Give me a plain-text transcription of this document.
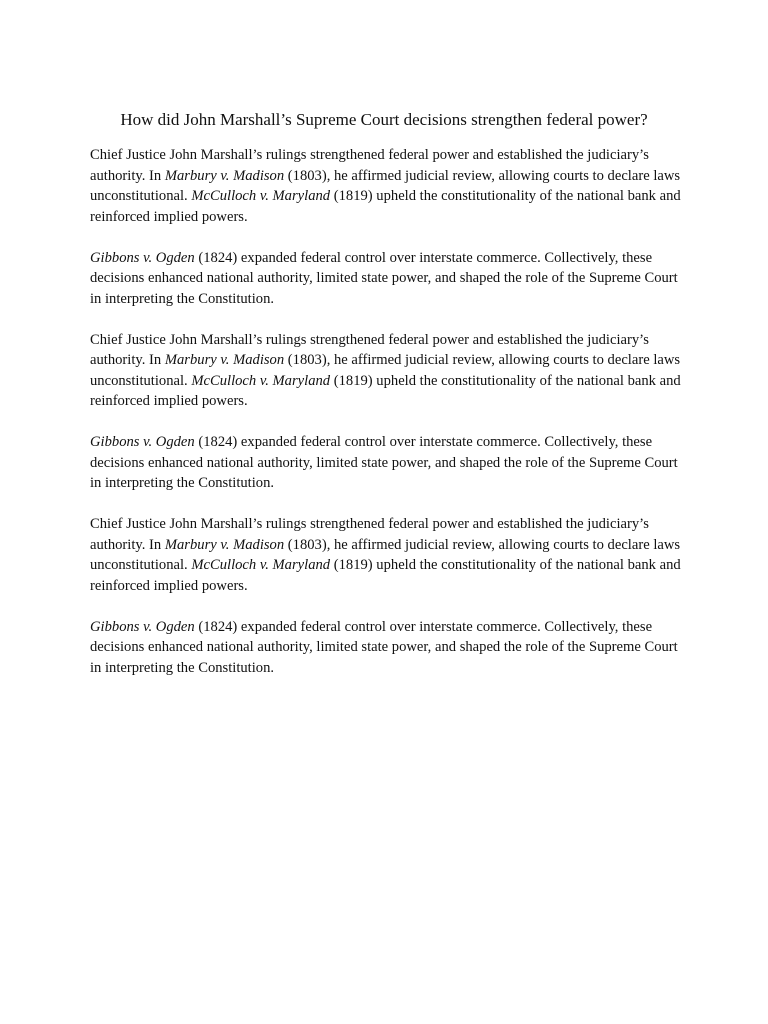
How did John Marshall’s Supreme Court decisions strengthen federal power?

Chief Justice John Marshall’s rulings strengthened federal power and established the judiciary’s authority. In Marbury v. Madison (1803), he affirmed judicial review, allowing courts to declare laws unconstitutional. McCulloch v. Maryland (1819) upheld the constitutionality of the national bank and reinforced implied powers.

Gibbons v. Ogden (1824) expanded federal control over interstate commerce. Collectively, these decisions enhanced national authority, limited state power, and shaped the role of the Supreme Court in interpreting the Constitution.

Chief Justice John Marshall’s rulings strengthened federal power and established the judiciary’s authority. In Marbury v. Madison (1803), he affirmed judicial review, allowing courts to declare laws unconstitutional. McCulloch v. Maryland (1819) upheld the constitutionality of the national bank and reinforced implied powers.

Gibbons v. Ogden (1824) expanded federal control over interstate commerce. Collectively, these decisions enhanced national authority, limited state power, and shaped the role of the Supreme Court in interpreting the Constitution.

Chief Justice John Marshall’s rulings strengthened federal power and established the judiciary’s authority. In Marbury v. Madison (1803), he affirmed judicial review, allowing courts to declare laws unconstitutional. McCulloch v. Maryland (1819) upheld the constitutionality of the national bank and reinforced implied powers.

Gibbons v. Ogden (1824) expanded federal control over interstate commerce. Collectively, these decisions enhanced national authority, limited state power, and shaped the role of the Supreme Court in interpreting the Constitution.
